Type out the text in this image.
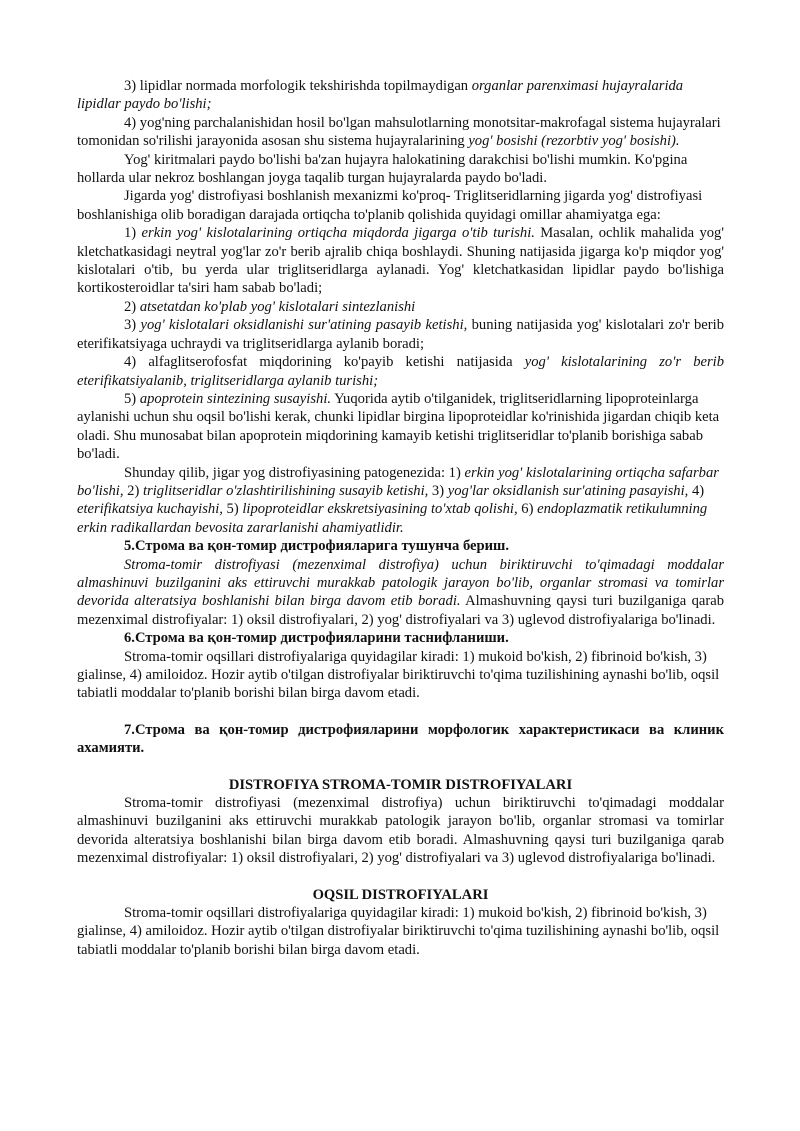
3) lipidlar normada morfologik tekshirishda topilmaydigan organlar parenximasi hujayralarida lipidlar paydo bo'lishi;

4) yog'ning parchalanishidan hosil bo'lgan mahsulotlarning monotsitar-makrofagal sistema hujayralari tomonidan so'rilishi jarayonida asosan shu sistema hujayralarining yog' bosishi (rezorbtiv yog' bosishi).

Yog' kiritmalari paydo bo'lishi ba'zan hujayra halokatining darakchisi bo'lishi mumkin. Ko'pgina hollarda ular nekroz boshlangan joyga taqalib turgan hujayralarda paydo bo'ladi.

Jigarda yog' distrofiyasi boshlanish mexanizmi ko'proq- Triglitseridlarning jigarda yog' distrofiyasi boshlanishiga olib boradigan darajada ortiqcha to'planib qolishida quyidagi omillar ahamiyatga ega:

1) erkin yog' kislotalarining ortiqcha miqdorda jigarga o'tib turishi. Masalan, ochlik mahalida yog' kletchatkasidagi neytral yog'lar zo'r berib ajralib chiqa boshlaydi. Shuning natijasida jigarga ko'p miqdor yog' kislotalari o'tib, bu yerda ular triglitseridlarga aylanadi. Yog' kletchatkasidan lipidlar paydo bo'lishiga kortikosteroidlar ta'siri ham sabab bo'ladi;

2) atsetatdan ko'plab yog' kislotalari sintezlanishi

3) yog' kislotalari oksidlanishi sur'atining pasayib ketishi, buning natijasida yog' kislotalari zo'r berib eterifikatsiyaga uchraydi va triglitseridlarga aylanib boradi;

4) alfaglitserofosfat miqdorining ko'payib ketishi natijasida yog' kislotalarining zo'r berib eterifikatsiyalanib, triglitseridlarga aylanib turishi;

5) apoprotein sintezining susayishi. Yuqorida aytib o'tilganidek, triglitseridlarning lipoproteinlarga aylanishi uchun shu oqsil bo'lishi kerak, chunki lipidlar birgina lipoproteidlar ko'rinishida jigardan chiqib keta oladi. Shu munosabat bilan apoprotein miqdorining kamayib ketishi triglitseridlar to'planib borishiga sabab bo'ladi.

Shunday qilib, jigar yog distrofiyasining patogenezida: 1) erkin yog' kislotalarining ortiqcha safarbar bo'lishi, 2) triglitseridlar o'zlashtirilishining susayib ketishi, 3) yog'lar oksidlanish sur'atining pasayishi, 4) eterifikatsiya kuchayishi, 5) lipoproteidlar ekskretsiyasining to'xtab qolishi, 6) endoplazmatik retikulumning erkin radikallardan bevosita zararlanishi ahamiyatlidir.

5.Строма ва қон-томир дистрофияларига тушунча бериш.

Stroma-tomir distrofiyasi (mezenximal distrofiya) uchun biriktiruvchi to'qimadagi moddalar almashinuvi buzilganini aks ettiruvchi murakkab patologik jarayon bo'lib, organlar stromasi va tomirlar devorida alteratsiya boshlanishi bilan birga davom etib boradi. Almashuvning qaysi turi buzilganiga qarab mezenximal distrofiyalar: 1) oksil distrofiyalari, 2) yog' distrofiyalari va 3) uglevod distrofiyalariga bo'linadi.

6.Строма ва қон-томир дистрофияларини таснифланиши.

Stroma-tomir oqsillari distrofiyalariga quyidagilar kiradi: 1) mukoid bo'kish, 2) fibrinoid bo'kish, 3) gialinse, 4) amiloidoz. Hozir aytib o'tilgan distrofiyalar biriktiruvchi to'qima tuzilishining aynashi bo'lib, oqsil tabiatli moddalar to'planib borishi bilan birga davom etadi.

7.Строма ва қон-томир дистрофияларини морфологик характеристикаси ва клиник ахамияти.

DISTROFIYA STROMA-TOMIR DISTROFIYALARI

Stroma-tomir distrofiyasi (mezenximal distrofiya) uchun biriktiruvchi to'qimadagi moddalar almashinuvi buzilganini aks ettiruvchi murakkab patologik jarayon bo'lib, organlar stromasi va tomirlar devorida alteratsiya boshlanishi bilan birga davom etib boradi. Almashuvning qaysi turi buzilganiga qarab mezenximal distrofiyalar: 1) oksil distrofiyalari, 2) yog' distrofiyalari va 3) uglevod distrofiyalariga bo'linadi.

OQSIL DISTROFIYALARI

Stroma-tomir oqsillari distrofiyalariga quyidagilar kiradi: 1) mukoid bo'kish, 2) fibrinoid bo'kish, 3) gialinse, 4) amiloidoz. Hozir aytib o'tilgan distrofiyalar biriktiruvchi to'qima tuzilishining aynashi bo'lib, oqsil tabiatli moddalar to'planib borishi bilan birga davom etadi.
